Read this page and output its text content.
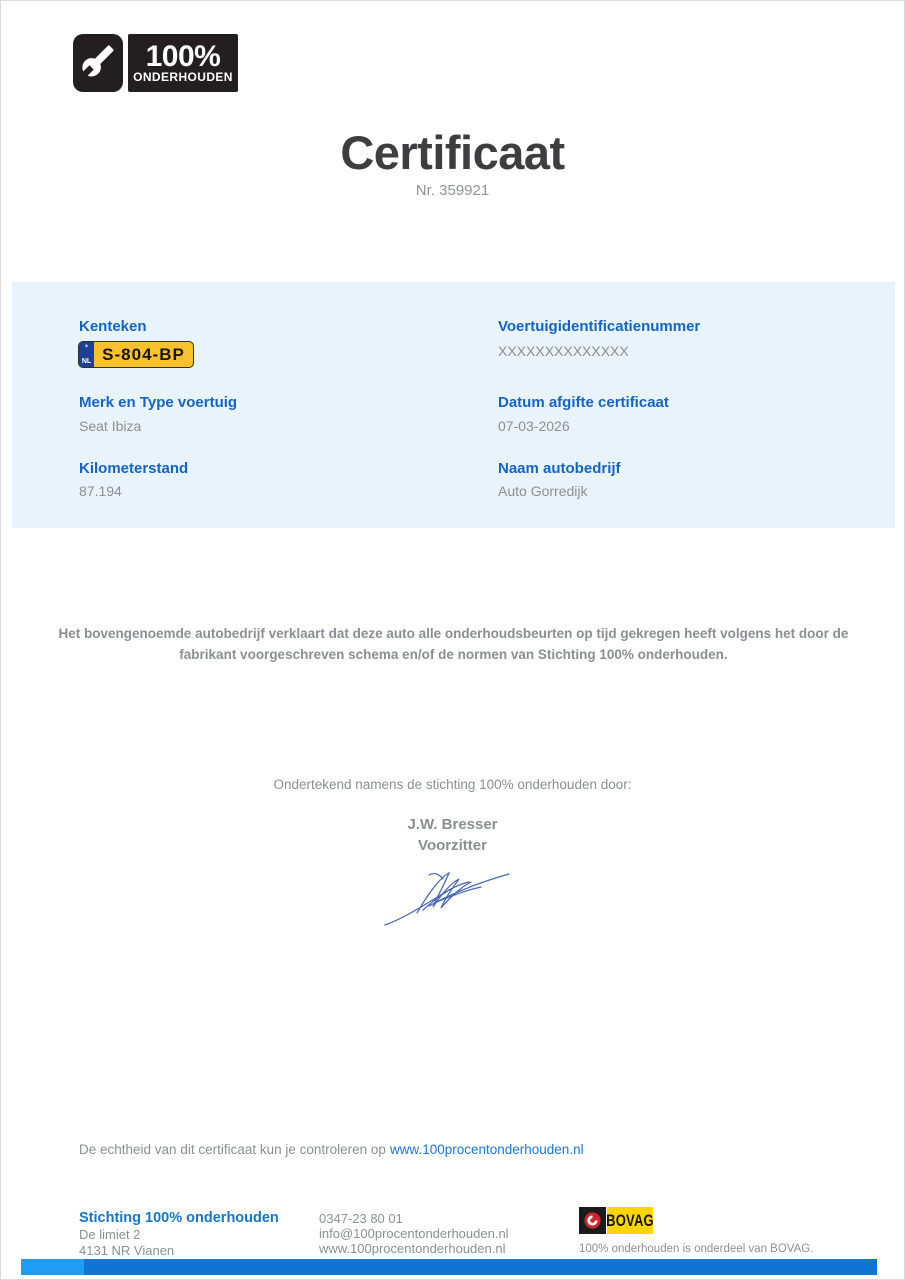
100%
ONDERHOUDEN
Certificaat
Nr. 359921
Kenteken
✶
NL S-804-BP
Voertuigidentificatienummer
XXXXXXXXXXXXXX
Merk en Type voertuig
Seat Ibiza
Datum afgifte certificaat
07-03-2026
Kilometerstand
87.194
Naam autobedrijf
Auto Gorredijk
Het bovengenoemde autobedrijf verklaart dat deze auto alle onderhoudsbeurten op tijd gekregen heeft volgens het door de fabrikant voorgeschreven schema en/of de normen van Stichting 100% onderhouden.
Ondertekend namens de stichting 100% onderhouden door:
J.W. Bresser
Voorzitter
De echtheid van dit certificaat kun je controleren op www.100procentonderhouden.nl
Stichting 100% onderhouden
De limiet 2
4131 NR Vianen
0347-23 80 01
info@100procentonderhouden.nl
www.100procentonderhouden.nl
BOVAG
100% onderhouden is onderdeel van BOVAG.
